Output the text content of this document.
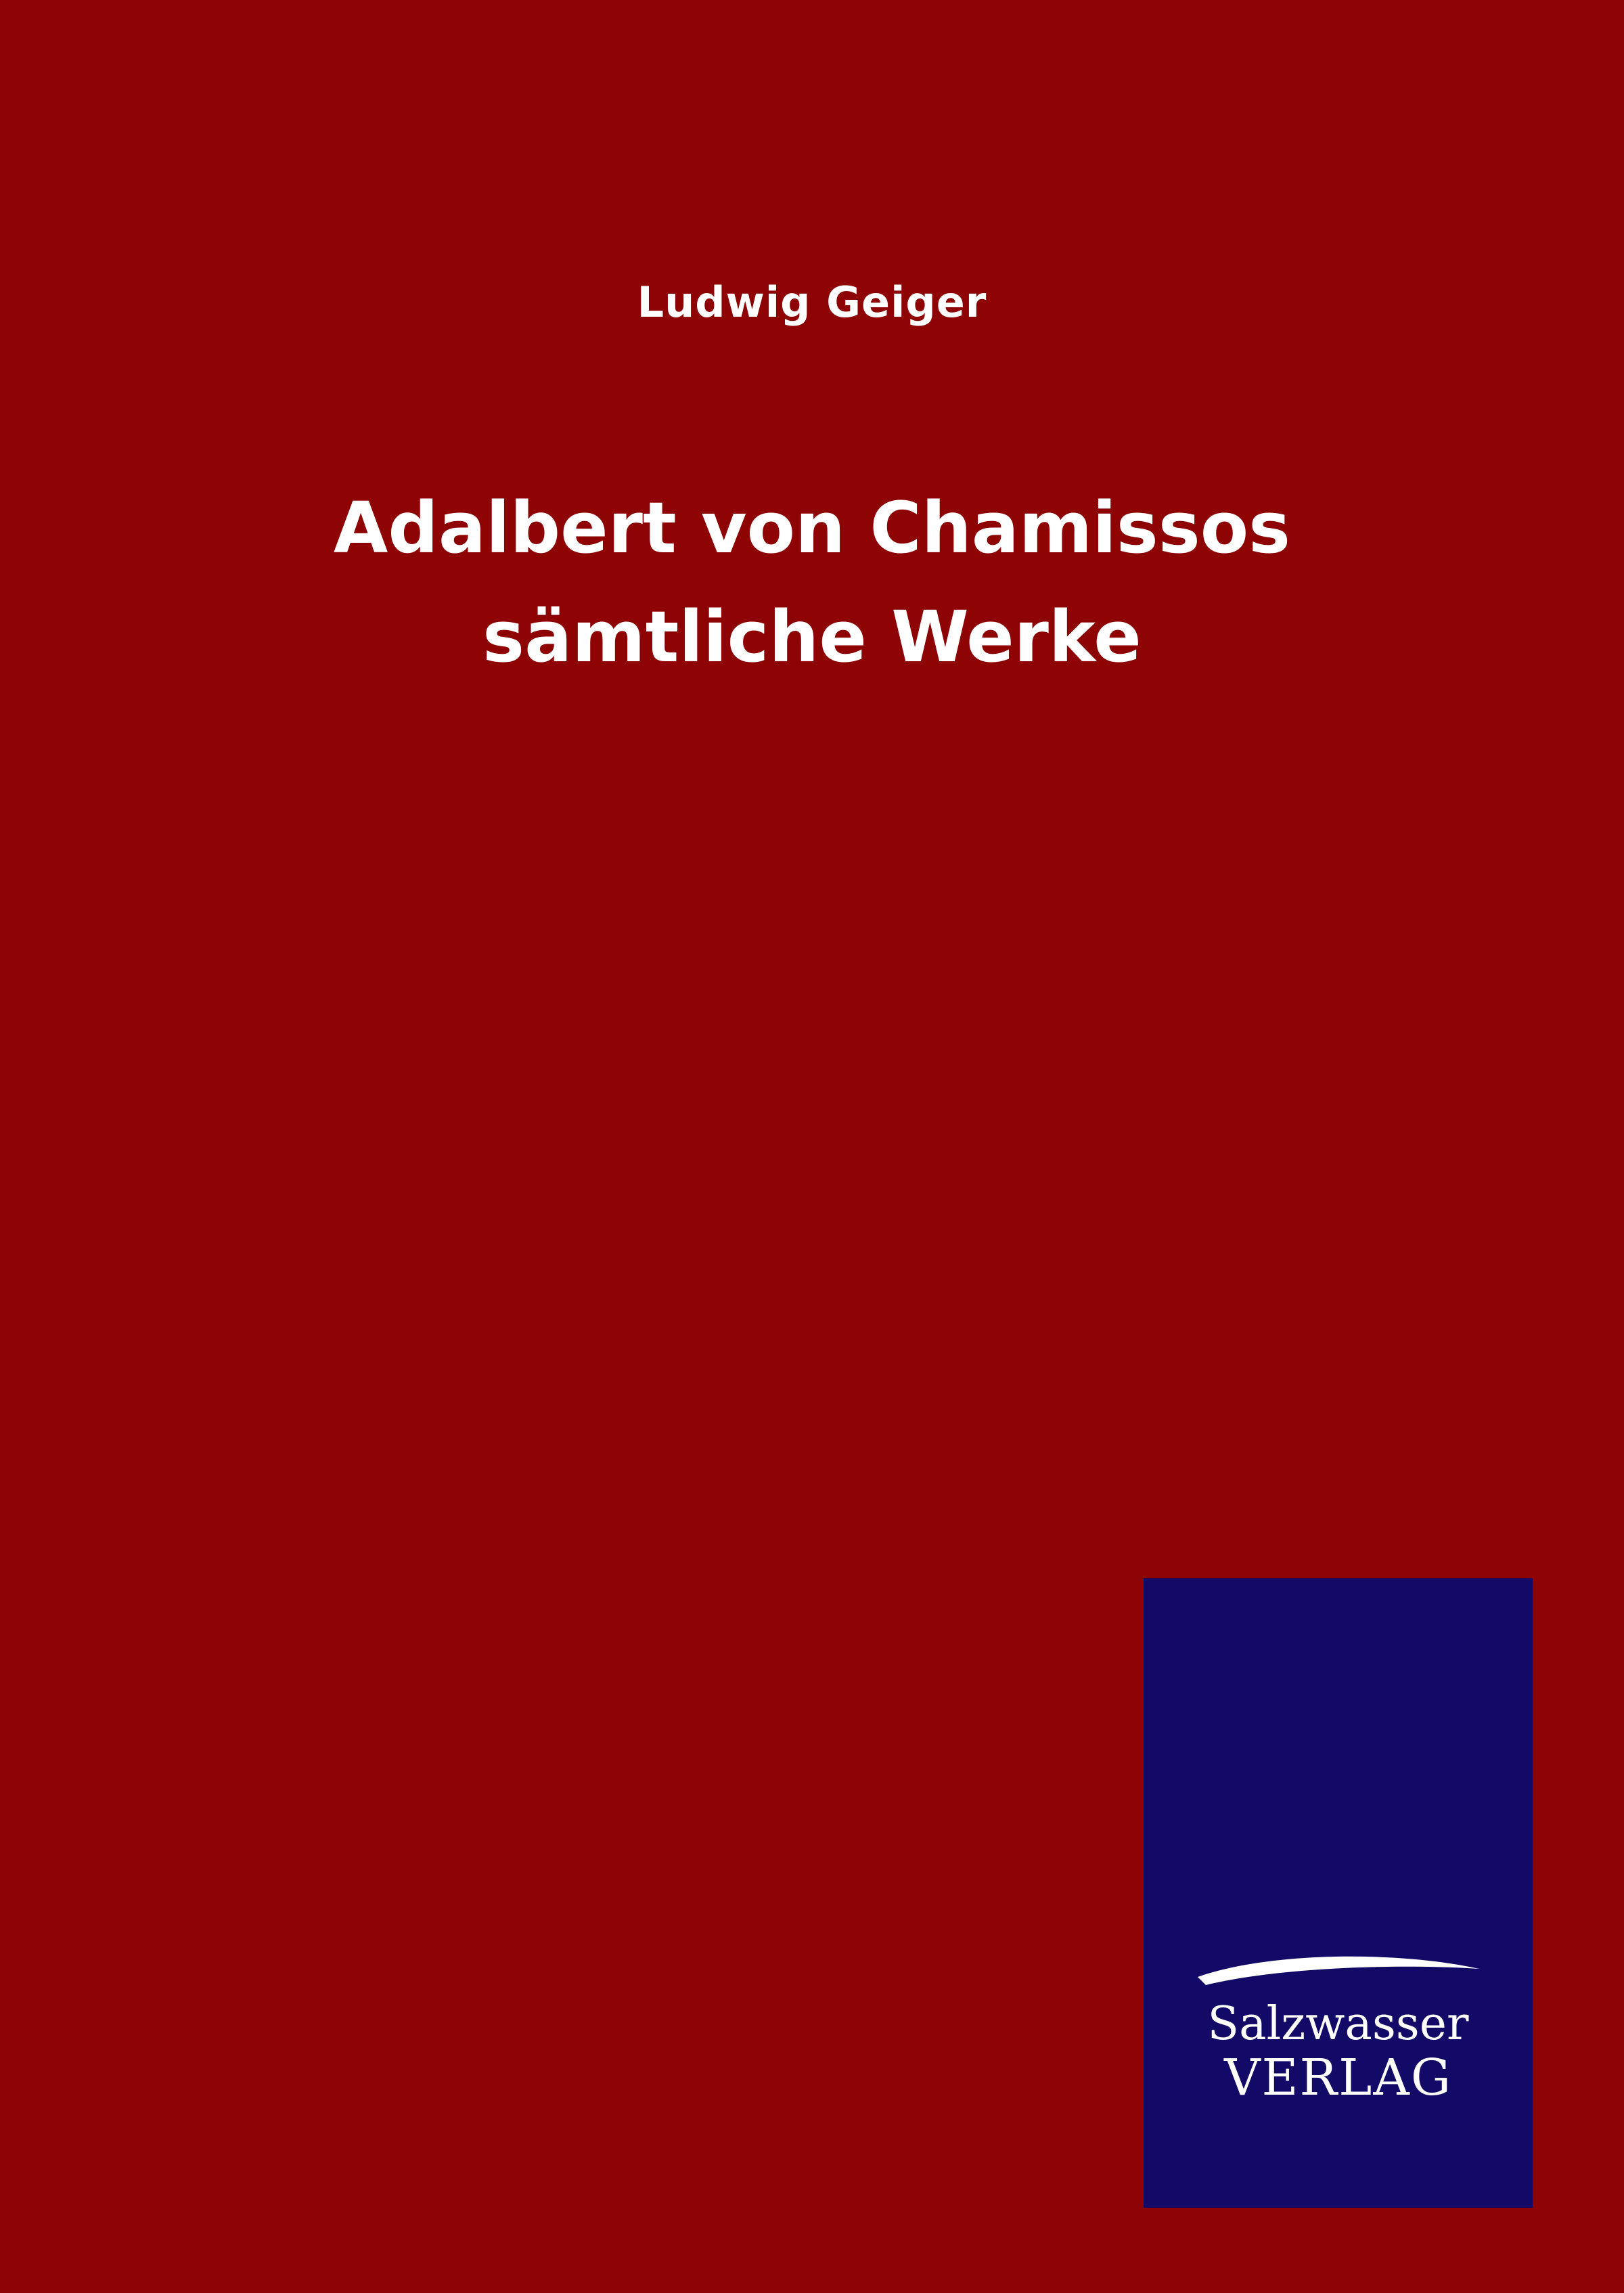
Ludwig Geiger
Adalbert von Chamissos sämtliche Werke
Salzwasser
VERLAG
